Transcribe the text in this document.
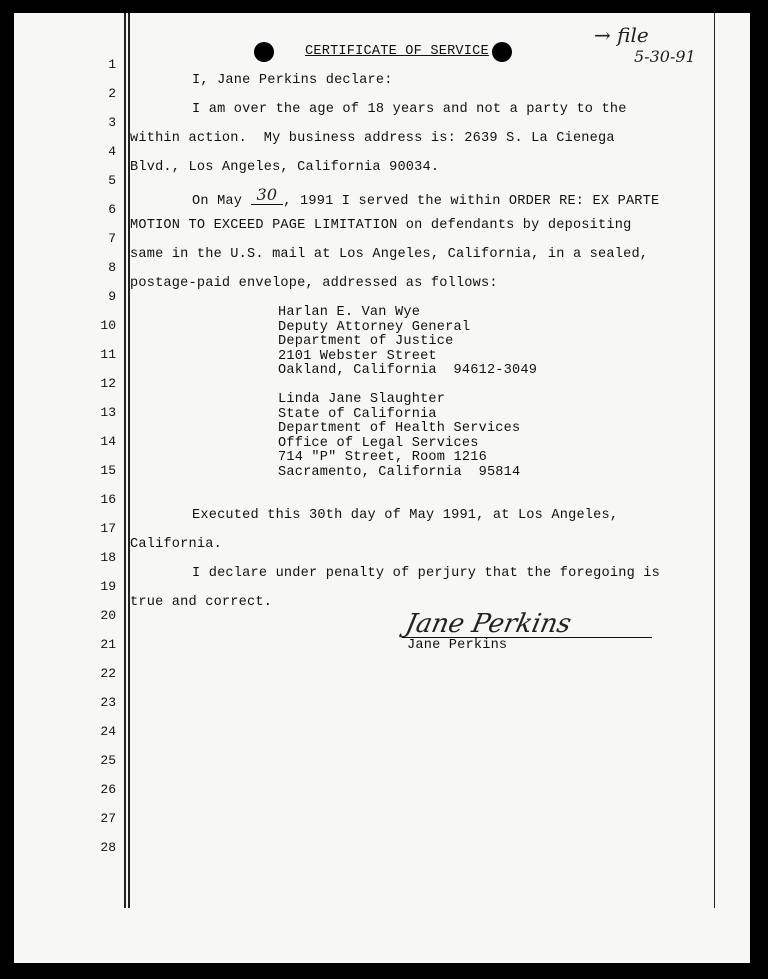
1
2
3
4
5
6
7
8
9
10
11
12
13
14
15
16
17
18
19
20
21
22
23
24
25
26
27
28
CERTIFICATE OF SERVICE
→ file
5-30-91
I, Jane Perkins declare:
I am over the age of 18 years and not a party to the
within action.  My business address is: 2639 S. La Cienega
Blvd., Los Angeles, California 90034.
On May 30 , 1991 I served the within ORDER RE: EX PARTE
MOTION TO EXCEED PAGE LIMITATION on defendants by depositing
same in the U.S. mail at Los Angeles, California, in a sealed,
postage-paid envelope, addressed as follows:
Harlan E. Van Wye
Deputy Attorney General
Department of Justice
2101 Webster Street
Oakland, California  94612-3049
Linda Jane Slaughter
State of California
Department of Health Services
Office of Legal Services
714 "P" Street, Room 1216
Sacramento, California  95814
Executed this 30th day of May 1991, at Los Angeles,
California.
I declare under penalty of perjury that the foregoing is
true and correct.
Jane Perkins
Jane Perkins
